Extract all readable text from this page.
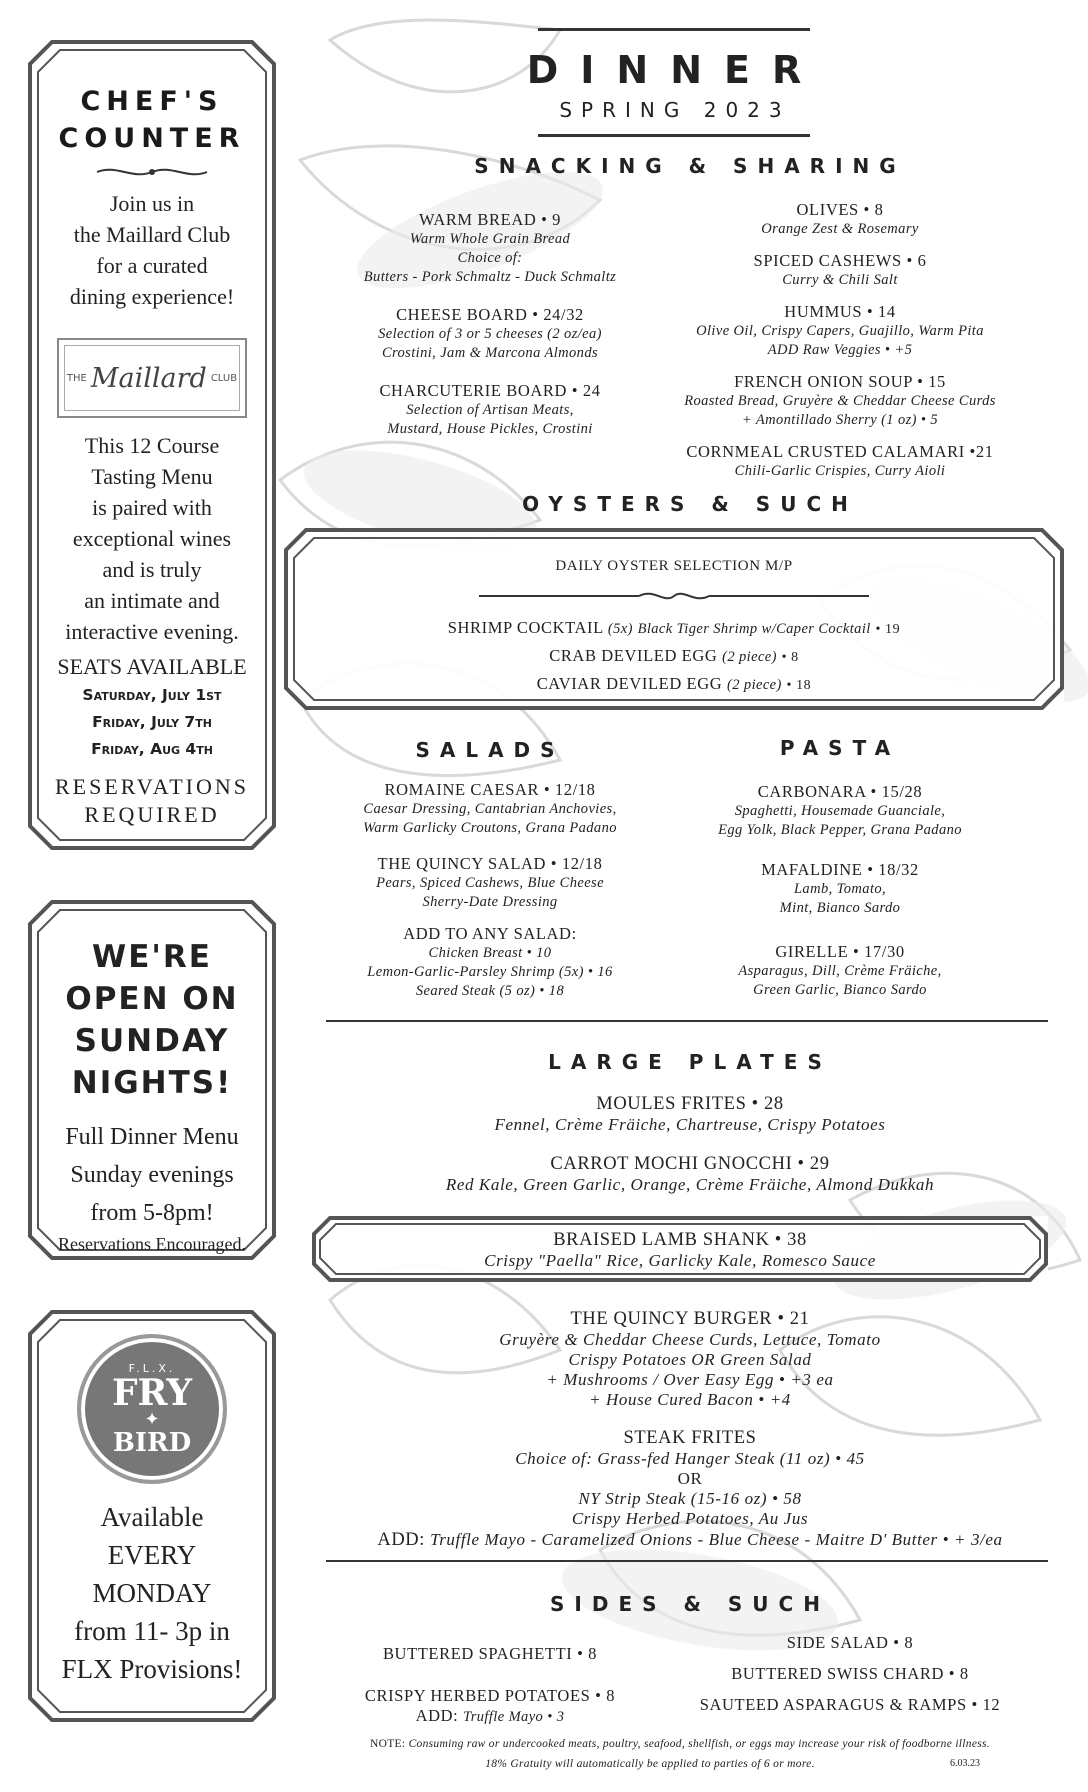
CHEF'S
COUNTER
Join us in
the Maillard Club
for a curated
dining experience!
THE Maillard CLUB
This 12 Course
Tasting Menu
is paired with
exceptional wines
and is truly
an intimate and
interactive evening.
SEATS AVAILABLE
Saturday, July 1st
Friday, July 7th
Friday, Aug 4th
RESERVATIONS
REQUIRED
WE'RE
OPEN ON
SUNDAY
NIGHTS!
Full Dinner Menu
Sunday evenings
from 5-8pm!
Reservations Encouraged.
F.L.X.
FRY
✦
BIRD
Available
EVERY
MONDAY
from 11- 3p in
FLX Provisions!
DINNER
SPRING 2023
SNACKING & SHARING
WARM BREAD • 9
Warm Whole Grain Bread
Choice of:
Butters - Pork Schmaltz - Duck Schmaltz
CHEESE BOARD • 24/32
Selection of 3 or 5 cheeses (2 oz/ea)
Crostini, Jam & Marcona Almonds
CHARCUTERIE BOARD • 24
Selection of Artisan Meats,
Mustard, House Pickles, Crostini
OLIVES • 8
Orange Zest & Rosemary
SPICED CASHEWS • 6
Curry & Chili Salt
HUMMUS • 14
Olive Oil, Crispy Capers, Guajillo, Warm Pita
ADD Raw Veggies • +5
FRENCH ONION SOUP • 15
Roasted Bread, Gruyère & Cheddar Cheese Curds
+ Amontillado Sherry (1 oz) • 5
CORNMEAL CRUSTED CALAMARI •21
Chili-Garlic Crispies, Curry Aioli
OYSTERS & SUCH
DAILY OYSTER SELECTION M/P
SHRIMP COCKTAIL (5x) Black Tiger Shrimp w/Caper Cocktail • 19
CRAB DEVILED EGG (2 piece) • 8
CAVIAR DEVILED EGG (2 piece) • 18
SALADS
ROMAINE CAESAR • 12/18
Caesar Dressing, Cantabrian Anchovies,
Warm Garlicky Croutons, Grana Padano
THE QUINCY SALAD • 12/18
Pears, Spiced Cashews, Blue Cheese
Sherry-Date Dressing
ADD TO ANY SALAD:
Chicken Breast • 10
Lemon-Garlic-Parsley Shrimp (5x) • 16
Seared Steak (5 oz) • 18
PASTA
CARBONARA • 15/28
Spaghetti, Housemade Guanciale,
Egg Yolk, Black Pepper, Grana Padano
MAFALDINE • 18/32
Lamb, Tomato,
Mint, Bianco Sardo
GIRELLE • 17/30
Asparagus, Dill, Crème Fräiche,
Green Garlic, Bianco Sardo
LARGE PLATES
MOULES FRITES • 28
Fennel, Crème Fräiche, Chartreuse, Crispy Potatoes
CARROT MOCHI GNOCCHI • 29
Red Kale, Green Garlic, Orange, Crème Fräiche, Almond Dukkah
BRAISED LAMB SHANK • 38
Crispy "Paella" Rice, Garlicky Kale, Romesco Sauce
THE QUINCY BURGER • 21
Gruyère & Cheddar Cheese Curds, Lettuce, Tomato
Crispy Potatoes OR Green Salad
+ Mushrooms / Over Easy Egg • +3 ea
+ House Cured Bacon • +4
STEAK FRITES
Choice of: Grass-fed Hanger Steak (11 oz) • 45
OR
NY Strip Steak (15-16 oz) • 58
Crispy Herbed Potatoes, Au Jus
ADD: Truffle Mayo - Caramelized Onions - Blue Cheese - Maitre D' Butter • + 3/ea
SIDES & SUCH
BUTTERED SPAGHETTI • 8
CRISPY HERBED POTATOES • 8
ADD: Truffle Mayo • 3
SIDE SALAD • 8
BUTTERED SWISS CHARD • 8
SAUTEED ASPARAGUS & RAMPS • 12
NOTE: Consuming raw or undercooked meats, poultry, seafood, shellfish, or eggs may increase your risk of foodborne illness.
18% Gratuity will automatically be applied to parties of 6 or more.	6.03.23
